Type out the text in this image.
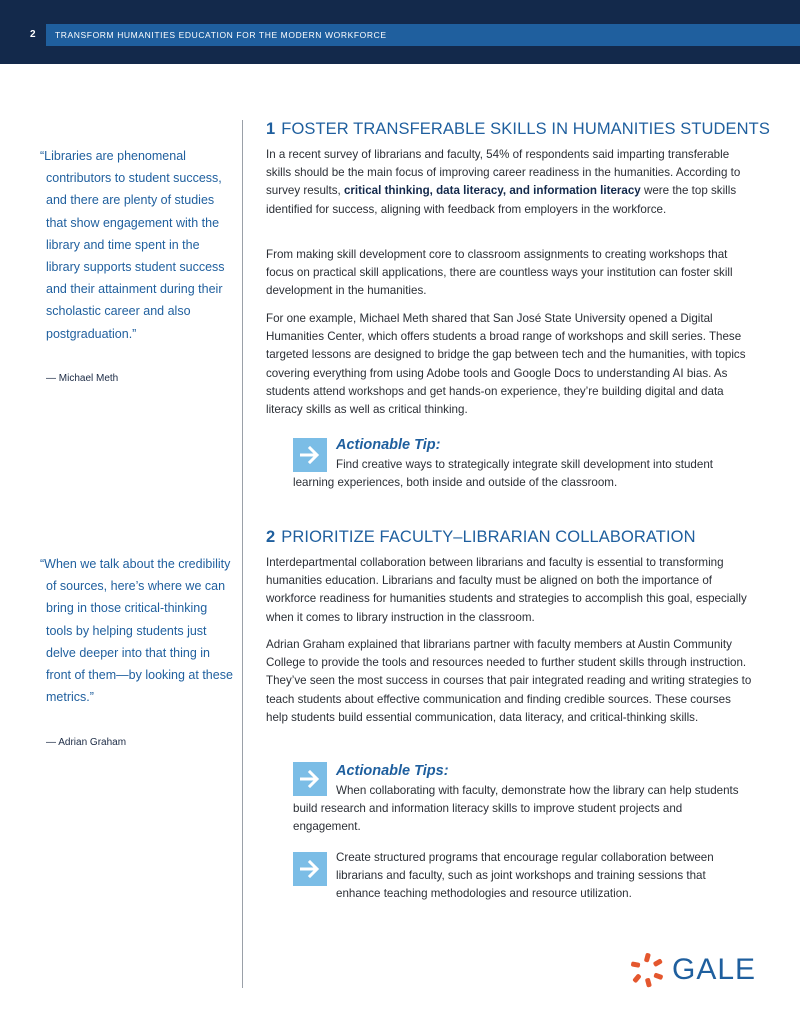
2	TRANSFORM HUMANITIES EDUCATION FOR THE MODERN WORKFORCE

“Libraries are phenomenal contributors to student success, and there are plenty of studies that show engagement with the library and time spent in the library supports student success and their attainment during their scholastic career and also postgraduation.”

— Michael Meth

“When we talk about the credibility of sources, here’s where we can bring in those critical-thinking tools by helping students just delve deeper into that thing in front of them—by looking at these metrics.”

— Adrian Graham
1 FOSTER TRANSFERABLE SKILLS IN HUMANITIES STUDENTS

In a recent survey of librarians and faculty, 54% of respondents said imparting transferable skills should be the main focus of improving career readiness in the humanities. According to survey results, critical thinking, data literacy, and information literacy were the top skills identified for success, aligning with feedback from employers in the workforce.

From making skill development core to classroom assignments to creating workshops that focus on practical skill applications, there are countless ways your institution can foster skill development in the humanities.

For one example, Michael Meth shared that San José State University opened a Digital Humanities Center, which offers students a broad range of workshops and skill series. These targeted lessons are designed to bridge the gap between tech and the humanities, with topics covering everything from using Adobe tools and Google Docs to understanding AI bias. As students attend workshops and get hands-on experience, they’re building digital and data literacy skills as well as critical thinking.

Actionable Tip:

Find creative ways to strategically integrate skill development into student learning experiences, both inside and outside of the classroom.

2 PRIORITIZE FACULTY–LIBRARIAN COLLABORATION

Interdepartmental collaboration between librarians and faculty is essential to transforming humanities education. Librarians and faculty must be aligned on both the importance of workforce readiness for humanities students and strategies to accomplish this goal, especially when it comes to library instruction in the classroom.

Adrian Graham explained that librarians partner with faculty members at Austin Community College to provide the tools and resources needed to further student skills through instruction. They’ve seen the most success in courses that pair integrated reading and writing strategies to teach students about effective communication and finding credible sources. These courses help students build essential communication, data literacy, and critical-thinking skills.

Actionable Tips:

When collaborating with faculty, demonstrate how the library can help students build research and information literacy skills to improve student projects and engagement.

Create structured programs that encourage regular collaboration between librarians and faculty, such as joint workshops and training sessions that enhance teaching methodologies and resource utilization.

GALE
